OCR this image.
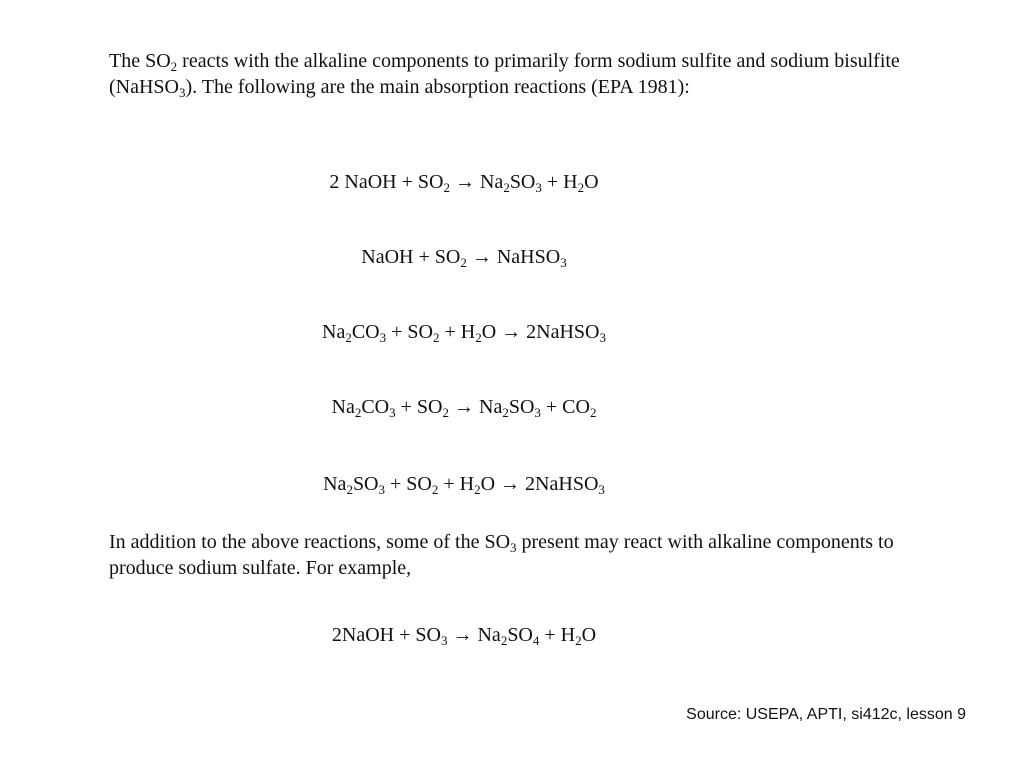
The $SO_2$ reacts with the alkaline components to primarily form sodium sulfite and sodium bisulfite (NaHSO$_3$). The following are the main absorption reactions (EPA 1981):

2 NaOH + $SO_2 \to Na_2SO_3 + H_2O$
NaOH + $SO_2$ → NaHSO$_3$
$Na_2CO_3 + SO_2 + H_2O$ → 2NaHSO$_3$
$Na_2CO_3 + SO_2 \to Na_2SO_3 + CO_2$
$Na_2SO_3 + SO_2 + H_2O$ → 2NaHSO$_3$

In addition to the above reactions, some of the $SO_3$ present may react with alkaline components to produce sodium sulfate. For example,

2NaOH + $SO_3 \to Na_2SO_4 + H_2O$
Source: USEPA, APTI, si412c, lesson 9
